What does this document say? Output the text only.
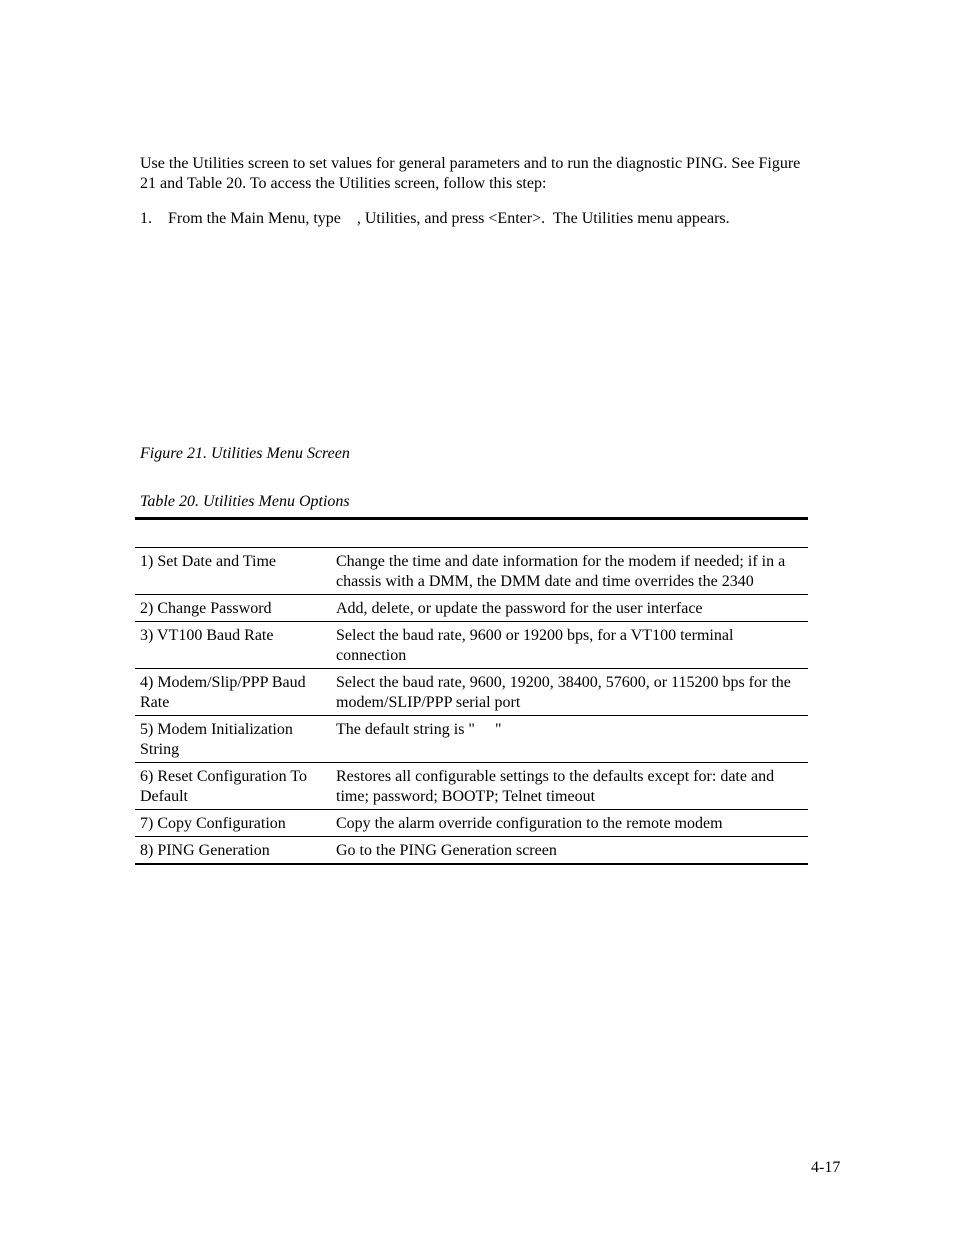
Use the Utilities screen to set values for general parameters and to run the diagnostic PING. See Figure 21 and Table 20. To access the Utilities screen, follow this step:

1. From the Main Menu, type    , Utilities, and press <Enter>.  The Utilities menu appears.
Figure 21. Utilities Menu Screen
Table 20. Utilities Menu Options
1) Set Date and Time	Change the time and date information for the modem if needed; if in a chassis with a DMM, the DMM date and time overrides the 2340
2) Change Password	Add, delete, or update the password for the user interface
3) VT100 Baud Rate	Select the baud rate, 9600 or 19200 bps, for a VT100 terminal connection
4) Modem/Slip/PPP Baud Rate	Select the baud rate, 9600, 19200, 38400, 57600, or 115200 bps for the modem/SLIP/PPP serial port
5) Modem Initialization String	The default string is "     "
6) Reset Configuration To Default	Restores all configurable settings to the defaults except for: date and time; password; BOOTP; Telnet timeout
7) Copy Configuration	Copy the alarm override configuration to the remote modem
8) PING Generation	Go to the PING Generation screen
4-17
